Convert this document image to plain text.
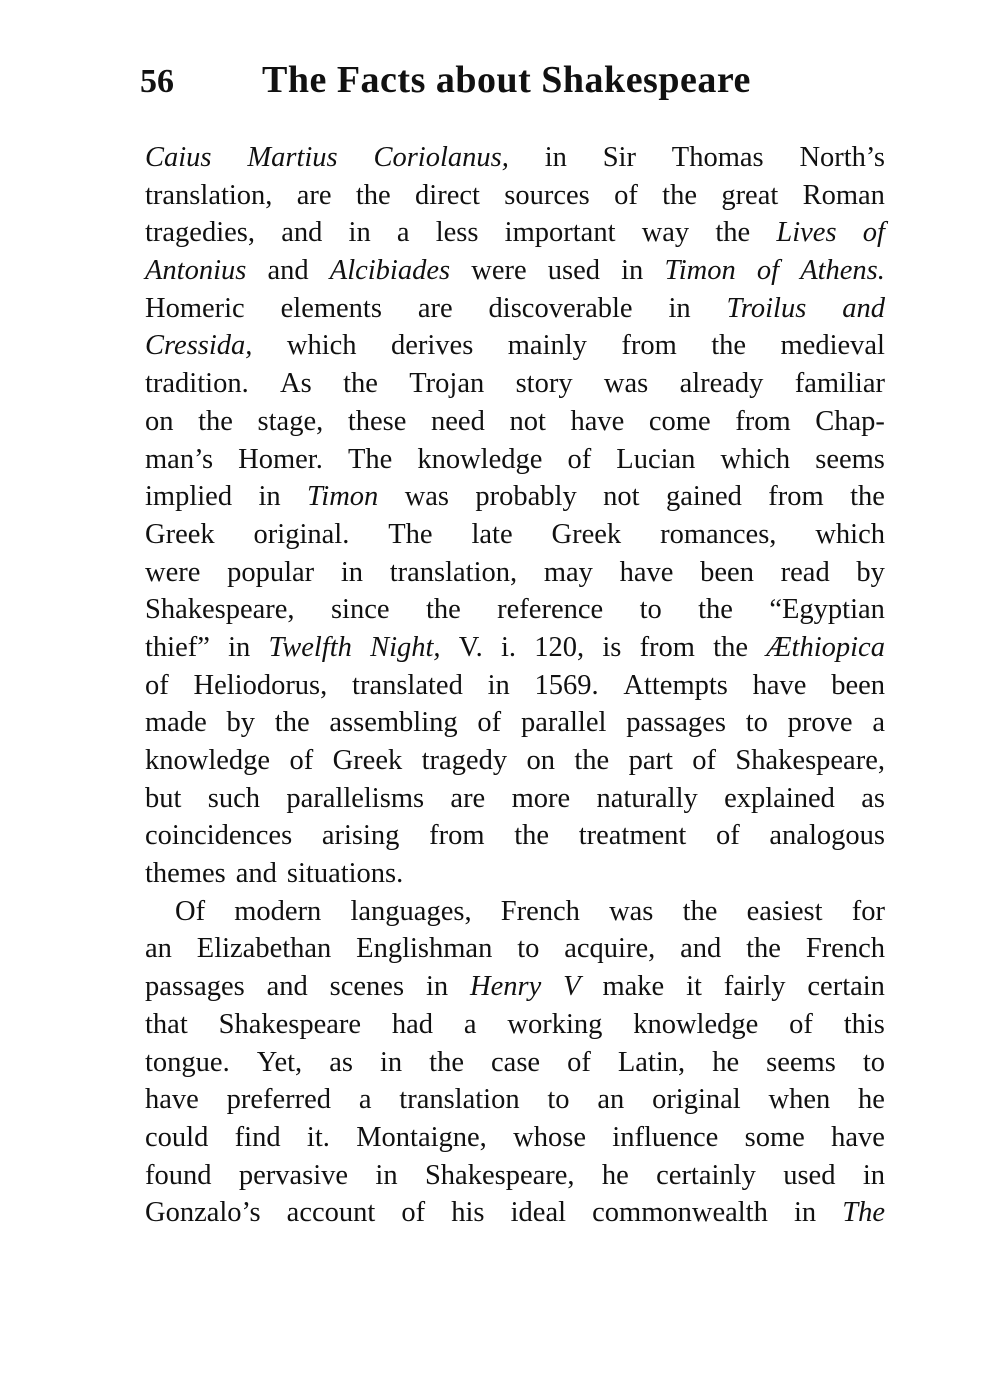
56 The Facts about Shakespeare
Caius Martius Coriolanus, in Sir Thomas North’s
translation, are the direct sources of the great Roman
tragedies, and in a less important way the Lives of
Antonius and Alcibiades were used in Timon of Athens.
Homeric elements are discoverable in Troilus and
Cressida, which derives mainly from the medieval
tradition. As the Trojan story was already familiar
on the stage, these need not have come from Chap-
man’s Homer. The knowledge of Lucian which seems
implied in Timon was probably not gained from the
Greek original. The late Greek romances, which
were popular in translation, may have been read by
Shakespeare, since the reference to the “Egyptian
thief” in Twelfth Night, V. i. 120, is from the Æthiopica
of Heliodorus, translated in 1569. Attempts have been
made by the assembling of parallel passages to prove a
knowledge of Greek tragedy on the part of Shakespeare,
but such parallelisms are more naturally explained as
coincidences arising from the treatment of analogous
themes and situations.
Of modern languages, French was the easiest for
an Elizabethan Englishman to acquire, and the French
passages and scenes in Henry V make it fairly certain
that Shakespeare had a working knowledge of this
tongue. Yet, as in the case of Latin, he seems to
have preferred a translation to an original when he
could find it. Montaigne, whose influence some have
found pervasive in Shakespeare, he certainly used in
Gonzalo’s account of his ideal commonwealth in The
